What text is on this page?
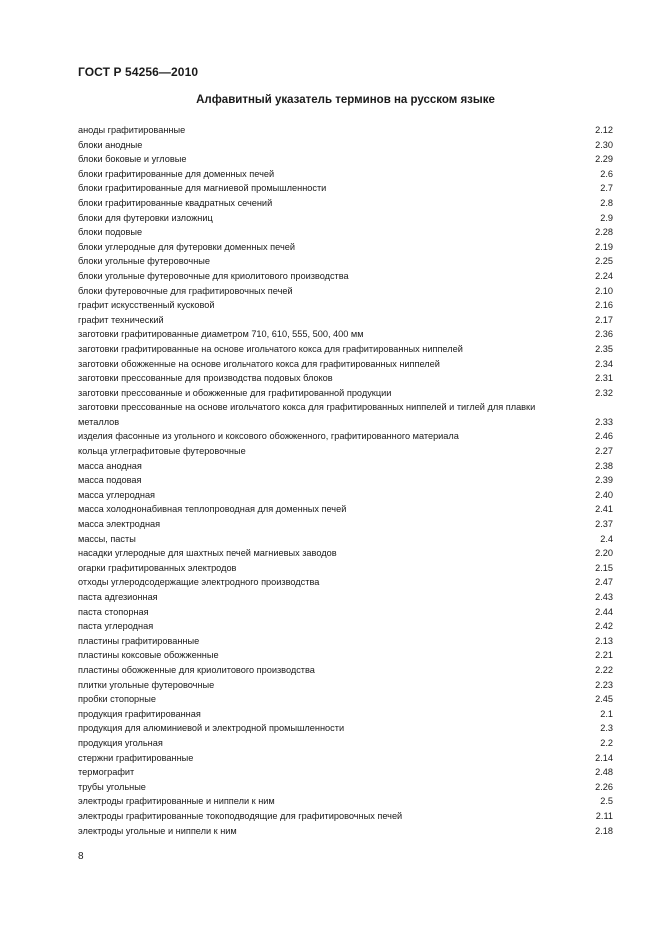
ГОСТ Р 54256—2010
Алфавитный указатель терминов на русском языке
аноды графитированные	2.12
блоки анодные	2.30
блоки боковые и угловые	2.29
блоки графитированные для доменных печей	2.6
блоки графитированные для магниевой промышленности	2.7
блоки графитированные квадратных сечений	2.8
блоки для футеровки изложниц	2.9
блоки подовые	2.28
блоки углеродные для футеровки доменных печей	2.19
блоки угольные футеровочные	2.25
блоки угольные футеровочные для криолитового производства	2.24
блоки футеровочные для графитировочных печей	2.10
графит искусственный кусковой	2.16
графит технический	2.17
заготовки графитированные диаметром 710, 610, 555, 500, 400 мм	2.36
заготовки графитированные на основе игольчатого кокса для графитированных ниппелей	2.35
заготовки обожженные на основе игольчатого кокса для графитированных ниппелей	2.34
заготовки прессованные для производства подовых блоков	2.31
заготовки прессованные и обожженные для графитированной продукции	2.32
заготовки прессованные на основе игольчатого кокса для графитированных ниппелей и тиглей для плавки металлов	2.33
изделия фасонные из угольного и коксового обожженного, графитированного материала	2.46
кольца углеграфитовые футеровочные	2.27
масса анодная	2.38
масса подовая	2.39
масса углеродная	2.40
масса холоднонабивная теплопроводная для доменных печей	2.41
масса электродная	2.37
массы, пасты	2.4
насадки углеродные для шахтных печей магниевых заводов	2.20
огарки графитированных электродов	2.15
отходы углеродсодержащие электродного производства	2.47
паста адгезионная	2.43
паста стопорная	2.44
паста углеродная	2.42
пластины графитированные	2.13
пластины коксовые обожженные	2.21
пластины обожженные для криолитового производства	2.22
плитки угольные футеровочные	2.23
пробки стопорные	2.45
продукция графитированная	2.1
продукция для алюминиевой и электродной промышленности	2.3
продукция угольная	2.2
стержни графитированные	2.14
термографит	2.48
трубы угольные	2.26
электроды графитированные и ниппели к ним	2.5
электроды графитированные токоподводящие для графитировочных печей	2.11
электроды угольные и ниппели к ним	2.18
8
